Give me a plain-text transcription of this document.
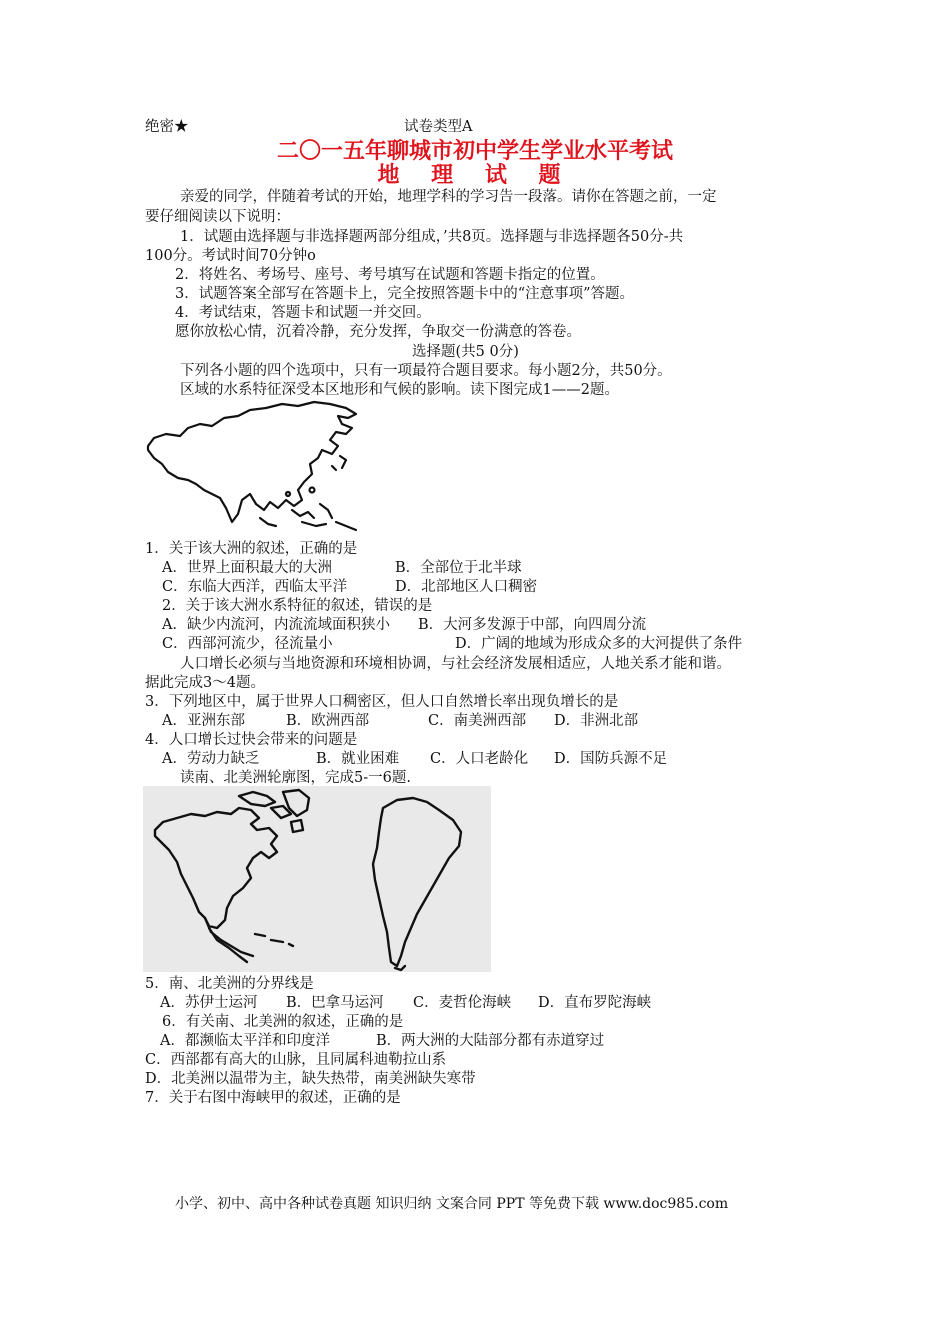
绝密★	试卷类型A
二〇一五年聊城市初中学生学业水平考试
地 理 试 题
亲爱的同学，伴随着考试的开始，地理学科的学习告一段落。请你在答题之前，一定
要仔细阅读以下说明：
1．试题由选择题与非选择题两部分组成，’共8页。选择题与非选择题各50分-共
100分。考试时间70分钟o
2．将姓名、考场号、座号、考号填写在试题和答题卡指定的位置。
3．试题答案全部写在答题卡上，完全按照答题卡中的“注意事项”答题。
4．考试结束，答题卡和试题一并交回。
愿你放松心情，沉着冷静，充分发挥，争取交一份满意的答卷。
选择题(共5 0分)
下列各小题的四个选项中，只有一项最符合题目要求。每小题2分，共50分。
区域的水系特征深受本区地形和气候的影响。读下图完成1——2题。
1．关于该大洲的叙述，正确的是
A．世界上面积最大的大洲	B．全部位于北半球
C．东临大西洋，西临太平洋	D．北部地区人口稠密
2．关于该大洲水系特征的叙述，错误的是
A．缺少内流河，内流流域面积狭小 B．大河多发源于中部，向四周分流
C．西部河流少，径流量小	D．广阔的地域为形成众多的大河提供了条件
人口增长必须与当地资源和环境相协调，与社会经济发展相适应，人地关系才能和谐。
据此完成3～4题。
3．下列地区中，属于世界人口稠密区，但人口自然增长率出现负增长的是
A．亚洲东部	B．欧洲西部	C．南美洲西部 D．非洲北部
4．人口增长过快会带来的问题是
A．劳动力缺乏	B．就业困难 C．人口老龄化 D．国防兵源不足
读南、北美洲轮廓图，完成5-一6题.
5．南、北美洲的分界线是
A．苏伊士运河 B．巴拿马运河 C．麦哲伦海峡 D．直布罗陀海峡
6．有关南、北美洲的叙述，正确的是
A．都濒临太平洋和印度洋	B．两大洲的大陆部分都有赤道穿过
C．西部都有高大的山脉，且同属科迪勒拉山系
D．北美洲以温带为主，缺失热带，南美洲缺失寒带
7．关于右图中海峡甲的叙述，正确的是
小学、初中、高中各种试卷真题 知识归纳 文案合同 PPT 等免费下载 www.doc985.com
